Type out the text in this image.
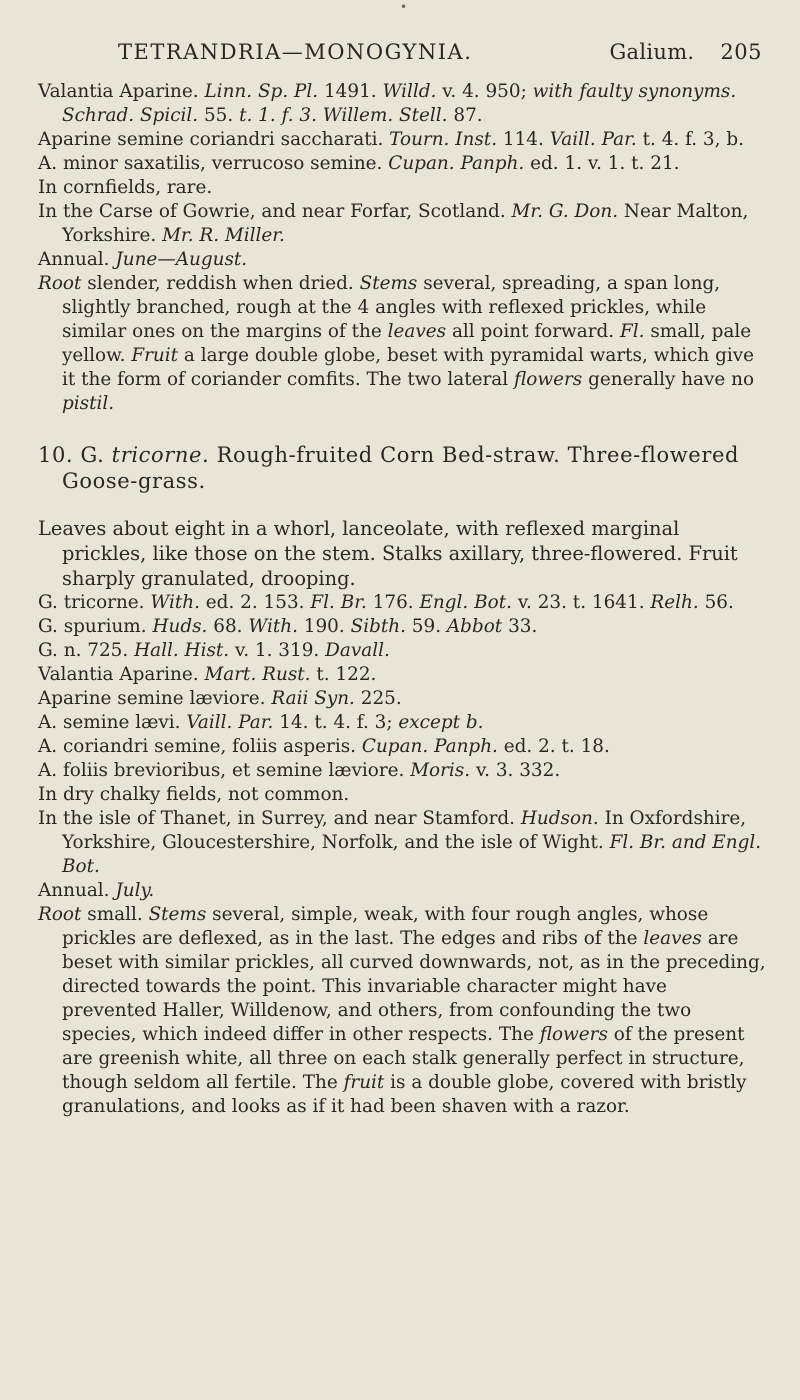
•
TETRANDRIA—MONOGYNIA.	Galium. 205

Valantia Aparine. Linn. Sp. Pl. 1491. Willd. v. 4. 950; with faulty synonyms. Schrad. Spicil. 55. t. 1. f. 3. Willem. Stell. 87.

Aparine semine coriandri saccharati. Tourn. Inst. 114. Vaill. Par. t. 4. f. 3, b.

A. minor saxatilis, verrucoso semine. Cupan. Panph. ed. 1. v. 1. t. 21.

In cornfields, rare.

In the Carse of Gowrie, and near Forfar, Scotland. Mr. G. Don. Near Malton, Yorkshire. Mr. R. Miller.

Annual. June—August.

Root slender, reddish when dried. Stems several, spreading, a span long, slightly branched, rough at the 4 angles with reflexed prickles, while similar ones on the margins of the leaves all point forward. Fl. small, pale yellow. Fruit a large double globe, beset with pyramidal warts, which give it the form of coriander comfits. The two lateral flowers generally have no pistil.

10. G. tricorne. Rough-fruited Corn Bed-straw. Three-flowered Goose-grass.

Leaves about eight in a whorl, lanceolate, with reflexed marginal prickles, like those on the stem. Stalks axillary, three-flowered. Fruit sharply granulated, drooping.

G. tricorne. With. ed. 2. 153. Fl. Br. 176. Engl. Bot. v. 23. t. 1641. Relh. 56.

G. spurium. Huds. 68. With. 190. Sibth. 59. Abbot 33.

G. n. 725. Hall. Hist. v. 1. 319. Davall.

Valantia Aparine. Mart. Rust. t. 122.

Aparine semine læviore. Raii Syn. 225.

A. semine lævi. Vaill. Par. 14. t. 4. f. 3; except b.

A. coriandri semine, foliis asperis. Cupan. Panph. ed. 2. t. 18.

A. foliis brevioribus, et semine læviore. Moris. v. 3. 332.

In dry chalky fields, not common.

In the isle of Thanet, in Surrey, and near Stamford. Hudson. In Oxfordshire, Yorkshire, Gloucestershire, Norfolk, and the isle of Wight. Fl. Br. and Engl. Bot.

Annual. July.

Root small. Stems several, simple, weak, with four rough angles, whose prickles are deflexed, as in the last. The edges and ribs of the leaves are beset with similar prickles, all curved downwards, not, as in the preceding, directed towards the point. This invariable character might have prevented Haller, Willdenow, and others, from confounding the two species, which indeed differ in other respects. The flowers of the present are greenish white, all three on each stalk generally perfect in structure, though seldom all fertile. The fruit is a double globe, covered with bristly granulations, and looks as if it had been shaven with a razor.
